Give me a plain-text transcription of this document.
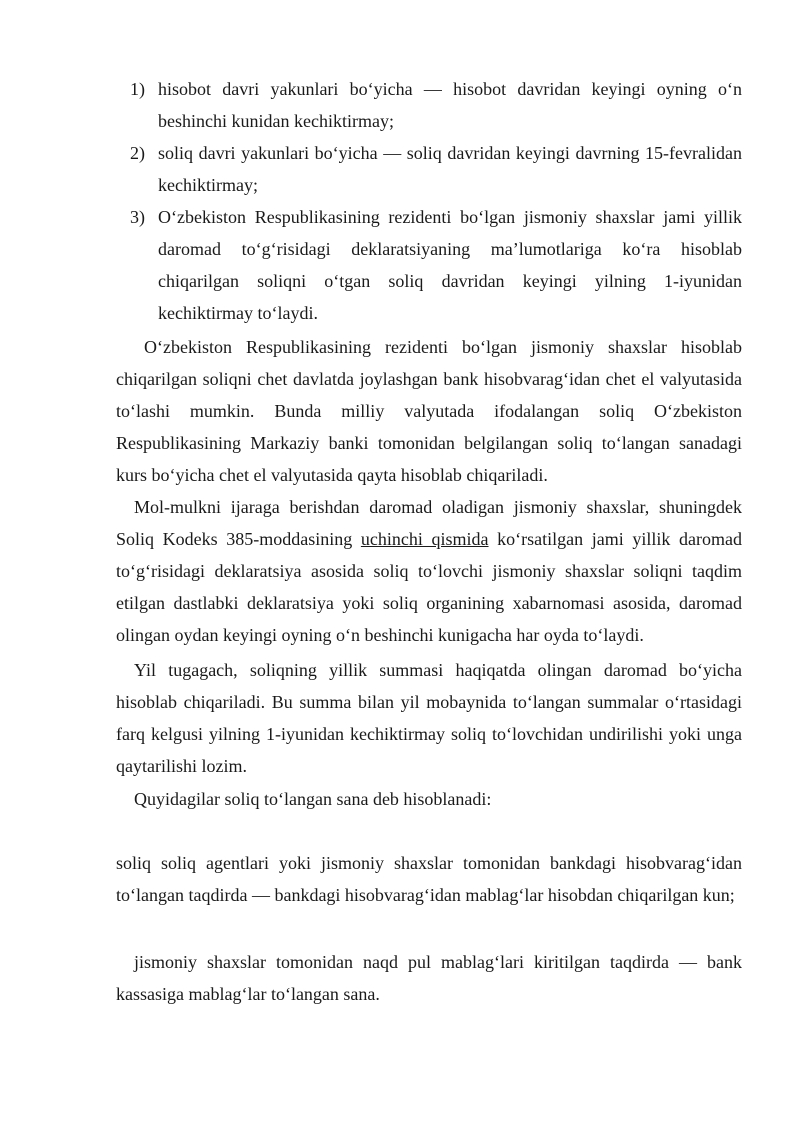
1) hisobot davri yakunlari bo‘yicha — hisobot davridan keyingi oyning o‘n beshinchi kunidan kechiktirmay;
2) soliq davri yakunlari bo‘yicha — soliq davridan keyingi davrning 15-fevralidan kechiktirmay;
3) O‘zbekiston Respublikasining rezidenti bo‘lgan jismoniy shaxslar jami yillik daromad to‘g‘risidagi deklaratsiyaning ma’lumotlariga ko‘ra hisoblab chiqarilgan soliqni o‘tgan soliq davridan keyingi yilning 1-iyunidan kechiktirmay to‘laydi.

O‘zbekiston Respublikasining rezidenti bo‘lgan jismoniy shaxslar hisoblab chiqarilgan soliqni chet davlatda joylashgan bank hisobvarag‘idan chet el valyutasida to‘lashi mumkin. Bunda milliy valyutada ifodalangan soliq O‘zbekiston Respublikasining Markaziy banki tomonidan belgilangan soliq to‘langan sanadagi kurs bo‘yicha chet el valyutasida qayta hisoblab chiqariladi.

Mol-mulkni ijaraga berishdan daromad oladigan jismoniy shaxslar, shuningdek Soliq Kodeks 385-moddasining uchinchi qismida ko‘rsatilgan jami yillik daromad to‘g‘risidagi deklaratsiya asosida soliq to‘lovchi jismoniy shaxslar soliqni taqdim etilgan dastlabki deklaratsiya yoki soliq organining xabarnomasi asosida, daromad olingan oydan keyingi oyning o‘n beshinchi kunigacha har oyda to‘laydi.

Yil tugagach, soliqning yillik summasi haqiqatda olingan daromad bo‘yicha hisoblab chiqariladi. Bu summa bilan yil mobaynida to‘langan summalar o‘rtasidagi farq kelgusi yilning 1-iyunidan kechiktirmay soliq to‘lovchidan undirilishi yoki unga qaytarilishi lozim.

Quyidagilar soliq to‘langan sana deb hisoblanadi:

soliq soliq agentlari yoki jismoniy shaxslar tomonidan bankdagi hisobvarag‘idan to‘langan taqdirda — bankdagi hisobvarag‘idan mablag‘lar hisobdan chiqarilgan kun;

jismoniy shaxslar tomonidan naqd pul mablag‘lari kiritilgan taqdirda — bank kassasiga mablag‘lar to‘langan sana.
